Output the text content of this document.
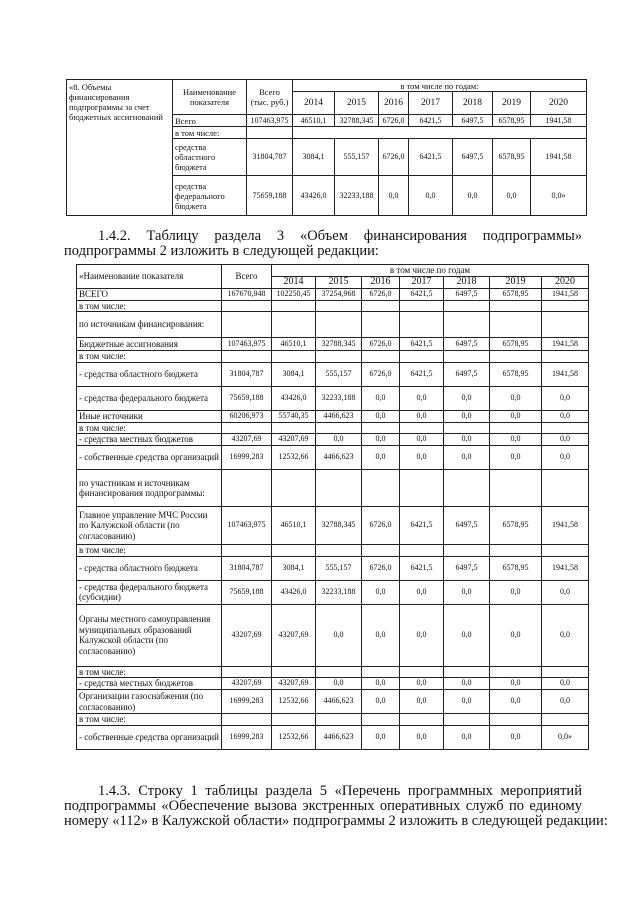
«8. Объемы финансирования подпрограммы за счет бюджетных ассигнований	Наименование показателя	Всего (тыс. руб.)	в том числе по годам:						
			2014	2015	2016	2017	2018	2019	2020
	Всего	107463,975	46510,1	32788,345	6726,0	6421,5	6497,5	6578,95	1941,58
	в том числе:								
	средства областного бюджета	31804,787	3084,1	555,157	6726,0	6421,5	6497,5	6578,95	1941,58
	средства федерального бюджета	75659,188	43426,0	32233,188	0,0	0,0	0,0	0,0	0,0»
1.4.2. Таблицу раздела 3 «Объем финансирования подпрограммы»
подпрограммы 2 изложить в следующей редакции:
«Наименование показателя	Всего	в том числе по годам						
		2014	2015	2016	2017	2018	2019	2020
ВСЕГО	167670,948	102250,45	37254,968	6726,0	6421,5	6497,5	6578,95	1941,58
в том числе:								
по источникам финансирования:								
Бюджетные ассигнования	107463,975	46510,1	32788,345	6726,0	6421,5	6497,5	6578,95	1941,58
в том числе:								
- средства областного бюджета	31804,787	3084,1	555,157	6726,0	6421,5	6497,5	6578,95	1941,58
- средства федерального бюджета	75659,188	43426,0	32233,188	0,0	0,0	0,0	0,0	0,0
Иные источники	60206,973	55740,35	4466,623	0,0	0,0	0,0	0,0	0,0
в том числе:								
- средства местных бюджетов	43207,69	43207,69	0,0	0,0	0,0	0,0	0,0	0,0
- собственные средства организаций	16999,283	12532,66	4466,623	0,0	0,0	0,0	0,0	0,0
по участникам и источникам финансирования подпрограммы:								
Главное управление МЧС России по Калужской области (по согласованию)	107463,975	46510,1	32788,345	6726,0	6421,5	6497,5	6578,95	1941,58
в том числе:								
- средства областного бюджета	31804,787	3084,1	555,157	6726,0	6421,5	6497,5	6578,95	1941,58
- средства федерального бюджета (субсидии)	75659,188	43426,0	32233,188	0,0	0,0	0,0	0,0	0,0
Органы местного самоуправления муниципальных образований Калужской области (по согласованию)	43207,69	43207,69	0,0	0,0	0,0	0,0	0,0	0,0
в том числе:								
- средства местных бюджетов	43207,69	43207,69	0,0	0,0	0,0	0,0	0,0	0,0
Организации газоснабжения (по согласованию)	16999,283	12532,66	4466,623	0,0	0,0	0,0	0,0	0,0
в том числе:								
- собственные средства организаций	16999,283	12532,66	4466,623	0,0	0,0	0,0	0,0	0,0»
1.4.3. Строку 1 таблицы раздела 5 «Перечень программных мероприятий
подпрограммы «Обеспечение вызова экстренных оперативных служб по единому
номеру «112» в Калужской области» подпрограммы 2 изложить в следующей редакции:
